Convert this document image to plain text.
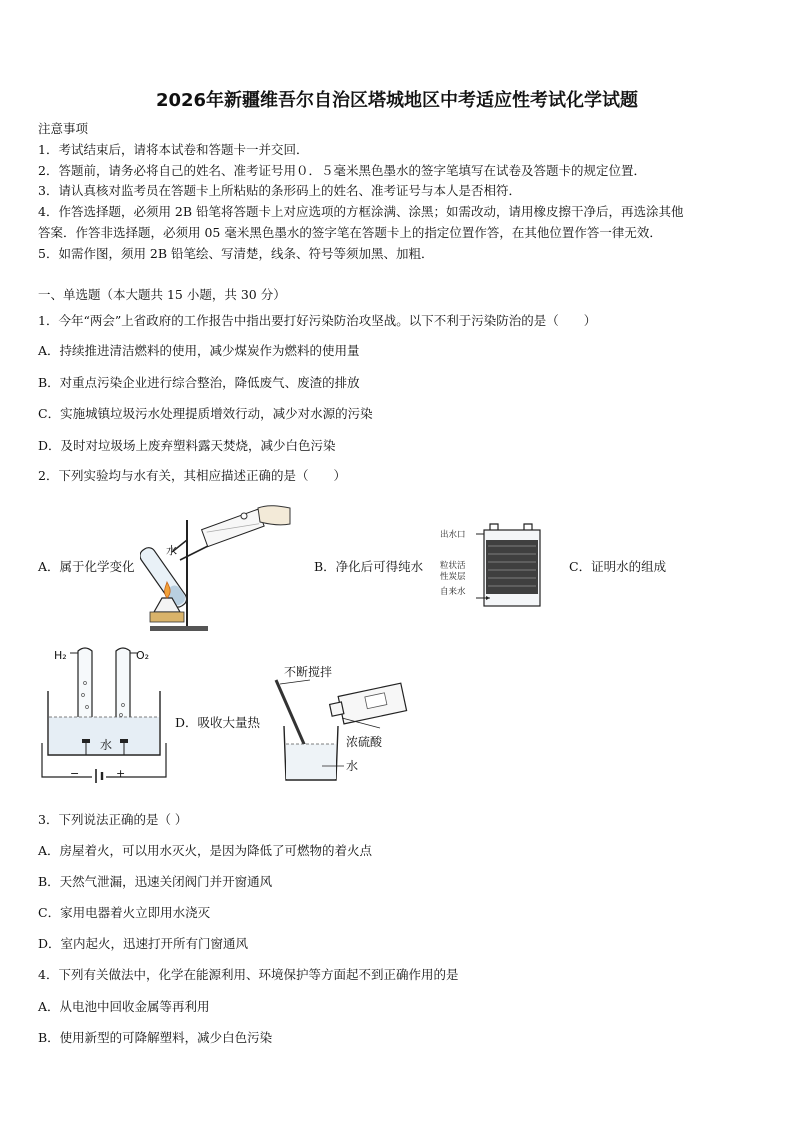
2026年新疆维吾尔自治区塔城地区中考适应性考试化学试题
注意事项
1．考试结束后，请将本试卷和答题卡一并交回．
2．答题前，请务必将自己的姓名、准考证号用０．５毫米黑色墨水的签字笔填写在试卷及答题卡的规定位置．
3．请认真核对监考员在答题卡上所粘贴的条形码上的姓名、准考证号与本人是否相符．
4．作答选择题，必须用 2B 铅笔将答题卡上对应选项的方框涂满、涂黑；如需改动，请用橡皮擦干净后，再选涂其他
答案．作答非选择题，必须用 05 毫米黑色墨水的签字笔在答题卡上的指定位置作答，在其他位置作答一律无效．
5．如需作图，须用 2B 铅笔绘、写清楚，线条、符号等须加黑、加粗．
一、单选题（本大题共 15 小题，共 30 分）
1．今年“两会”上省政府的工作报告中指出要打好污染防治攻坚战。以下不利于污染防治的是（　　）
A．持续推进清洁燃料的使用，减少煤炭作为燃料的使用量
B．对重点污染企业进行综合整治，降低废气、废渣的排放
C．实施城镇垃圾污水处理提质增效行动，减少对水源的污染
D．及时对垃圾场上废弃塑料露天焚烧，减少白色污染
2．下列实验均与水有关，其相应描述正确的是（　　）
A．属于化学变化	B．净化后可得纯水	C．证明水的组成
D．吸收大量热
水
出水口
粒状活
性炭层
自来水
H₂	O₂
水
−	+
不断搅拌
浓硫酸
水
3．下列说法正确的是（ ）
A．房屋着火，可以用水灭火，是因为降低了可燃物的着火点
B．天然气泄漏，迅速关闭阀门并开窗通风
C．家用电器着火立即用水浇灭
D．室内起火，迅速打开所有门窗通风
4．下列有关做法中，化学在能源利用、环境保护等方面起不到正确作用的是
A．从电池中回收金属等再利用
B．使用新型的可降解塑料，减少白色污染
